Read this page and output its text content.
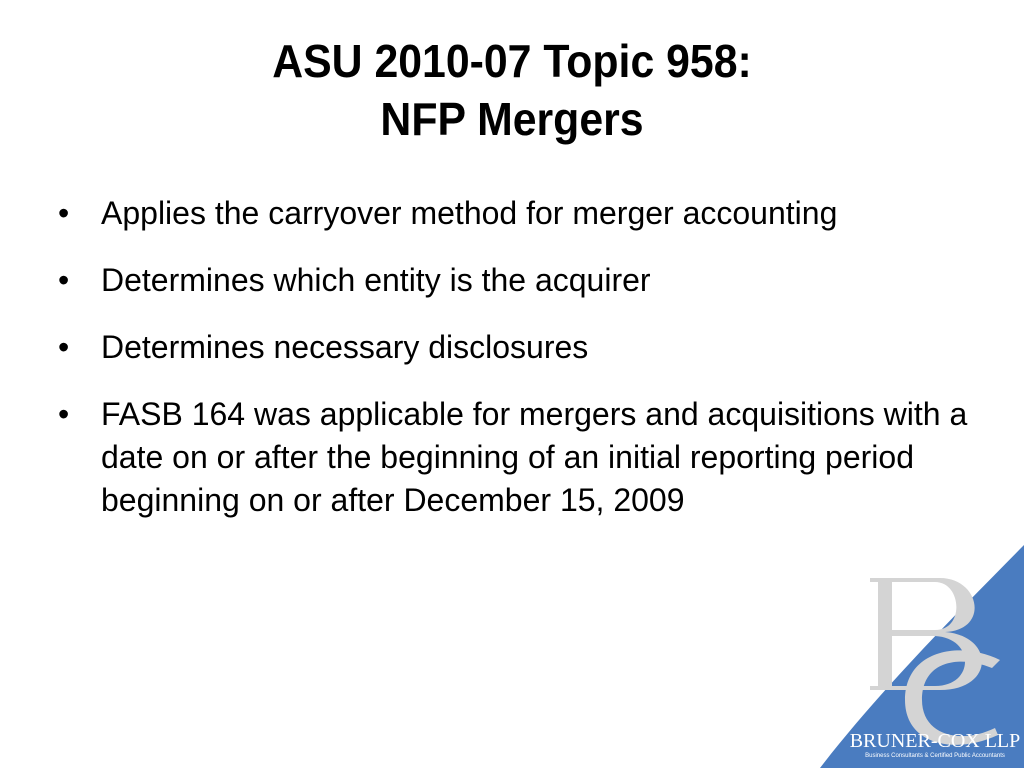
ASU 2010-07 Topic 958:
NFP Mergers
• Applies the carryover method for merger accounting
• Determines which entity is the acquirer
• Determines necessary disclosures
• FASB 164 was applicable for mergers and acquisitions with a date on or after the beginning of an initial reporting period beginning on or after December 15, 2009
BRUNER-COX LLP
Business Consultants & Certified Public Accountants
